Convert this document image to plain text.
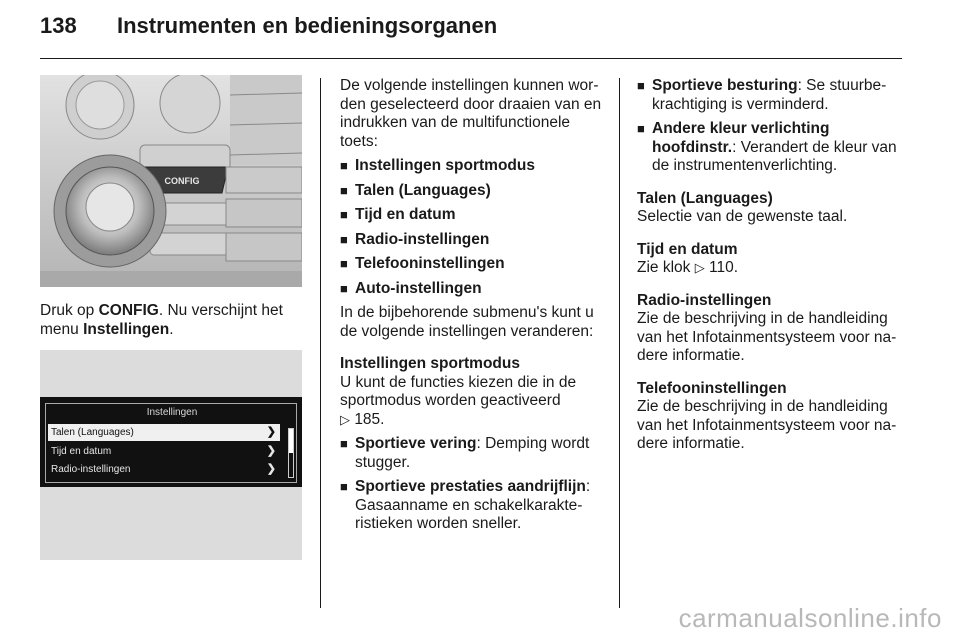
138 Instrumenten en bedieningsorganen
CONFIG
Druk op CONFIG. Nu verschijnt het menu Instellingen.
Instellingen
Talen (Languages)	❯
Tijd en datum	❯
Radio-instellingen	❯

De volgende instellingen kunnen wor- den geselecteerd door draaien van en indrukken van de multifunctionele toets:

■ Instellingen sportmodus
■ Talen (Languages)
■ Tijd en datum
■ Radio-instellingen
■ Telefooninstellingen
■ Auto-instellingen

In de bijbehorende submenu's kunt u de volgende instellingen veranderen:

Instellingen sportmodus

U kunt de functies kiezen die in de sportmodus worden geactiveerd
▷ 185.

■ Sportieve vering: Demping wordt stugger.
■ Sportieve prestaties aandrijflijn: Gasaanname en schakelkarakte- ristieken worden sneller.
■ Sportieve besturing: Se stuurbe- krachtiging is verminderd.
■ Andere kleur verlichting hoofdinstr.: Verandert de kleur van de instrumentenverlichting.

Talen (Languages)

Selectie van de gewenste taal.

Tijd en datum

Zie klok ▷ 110.

Radio-instellingen

Zie de beschrijving in de handleiding van het Infotainmentsysteem voor na- dere informatie.

Telefooninstellingen

Zie de beschrijving in de handleiding van het Infotainmentsysteem voor na- dere informatie.

carmanualsonline.info
